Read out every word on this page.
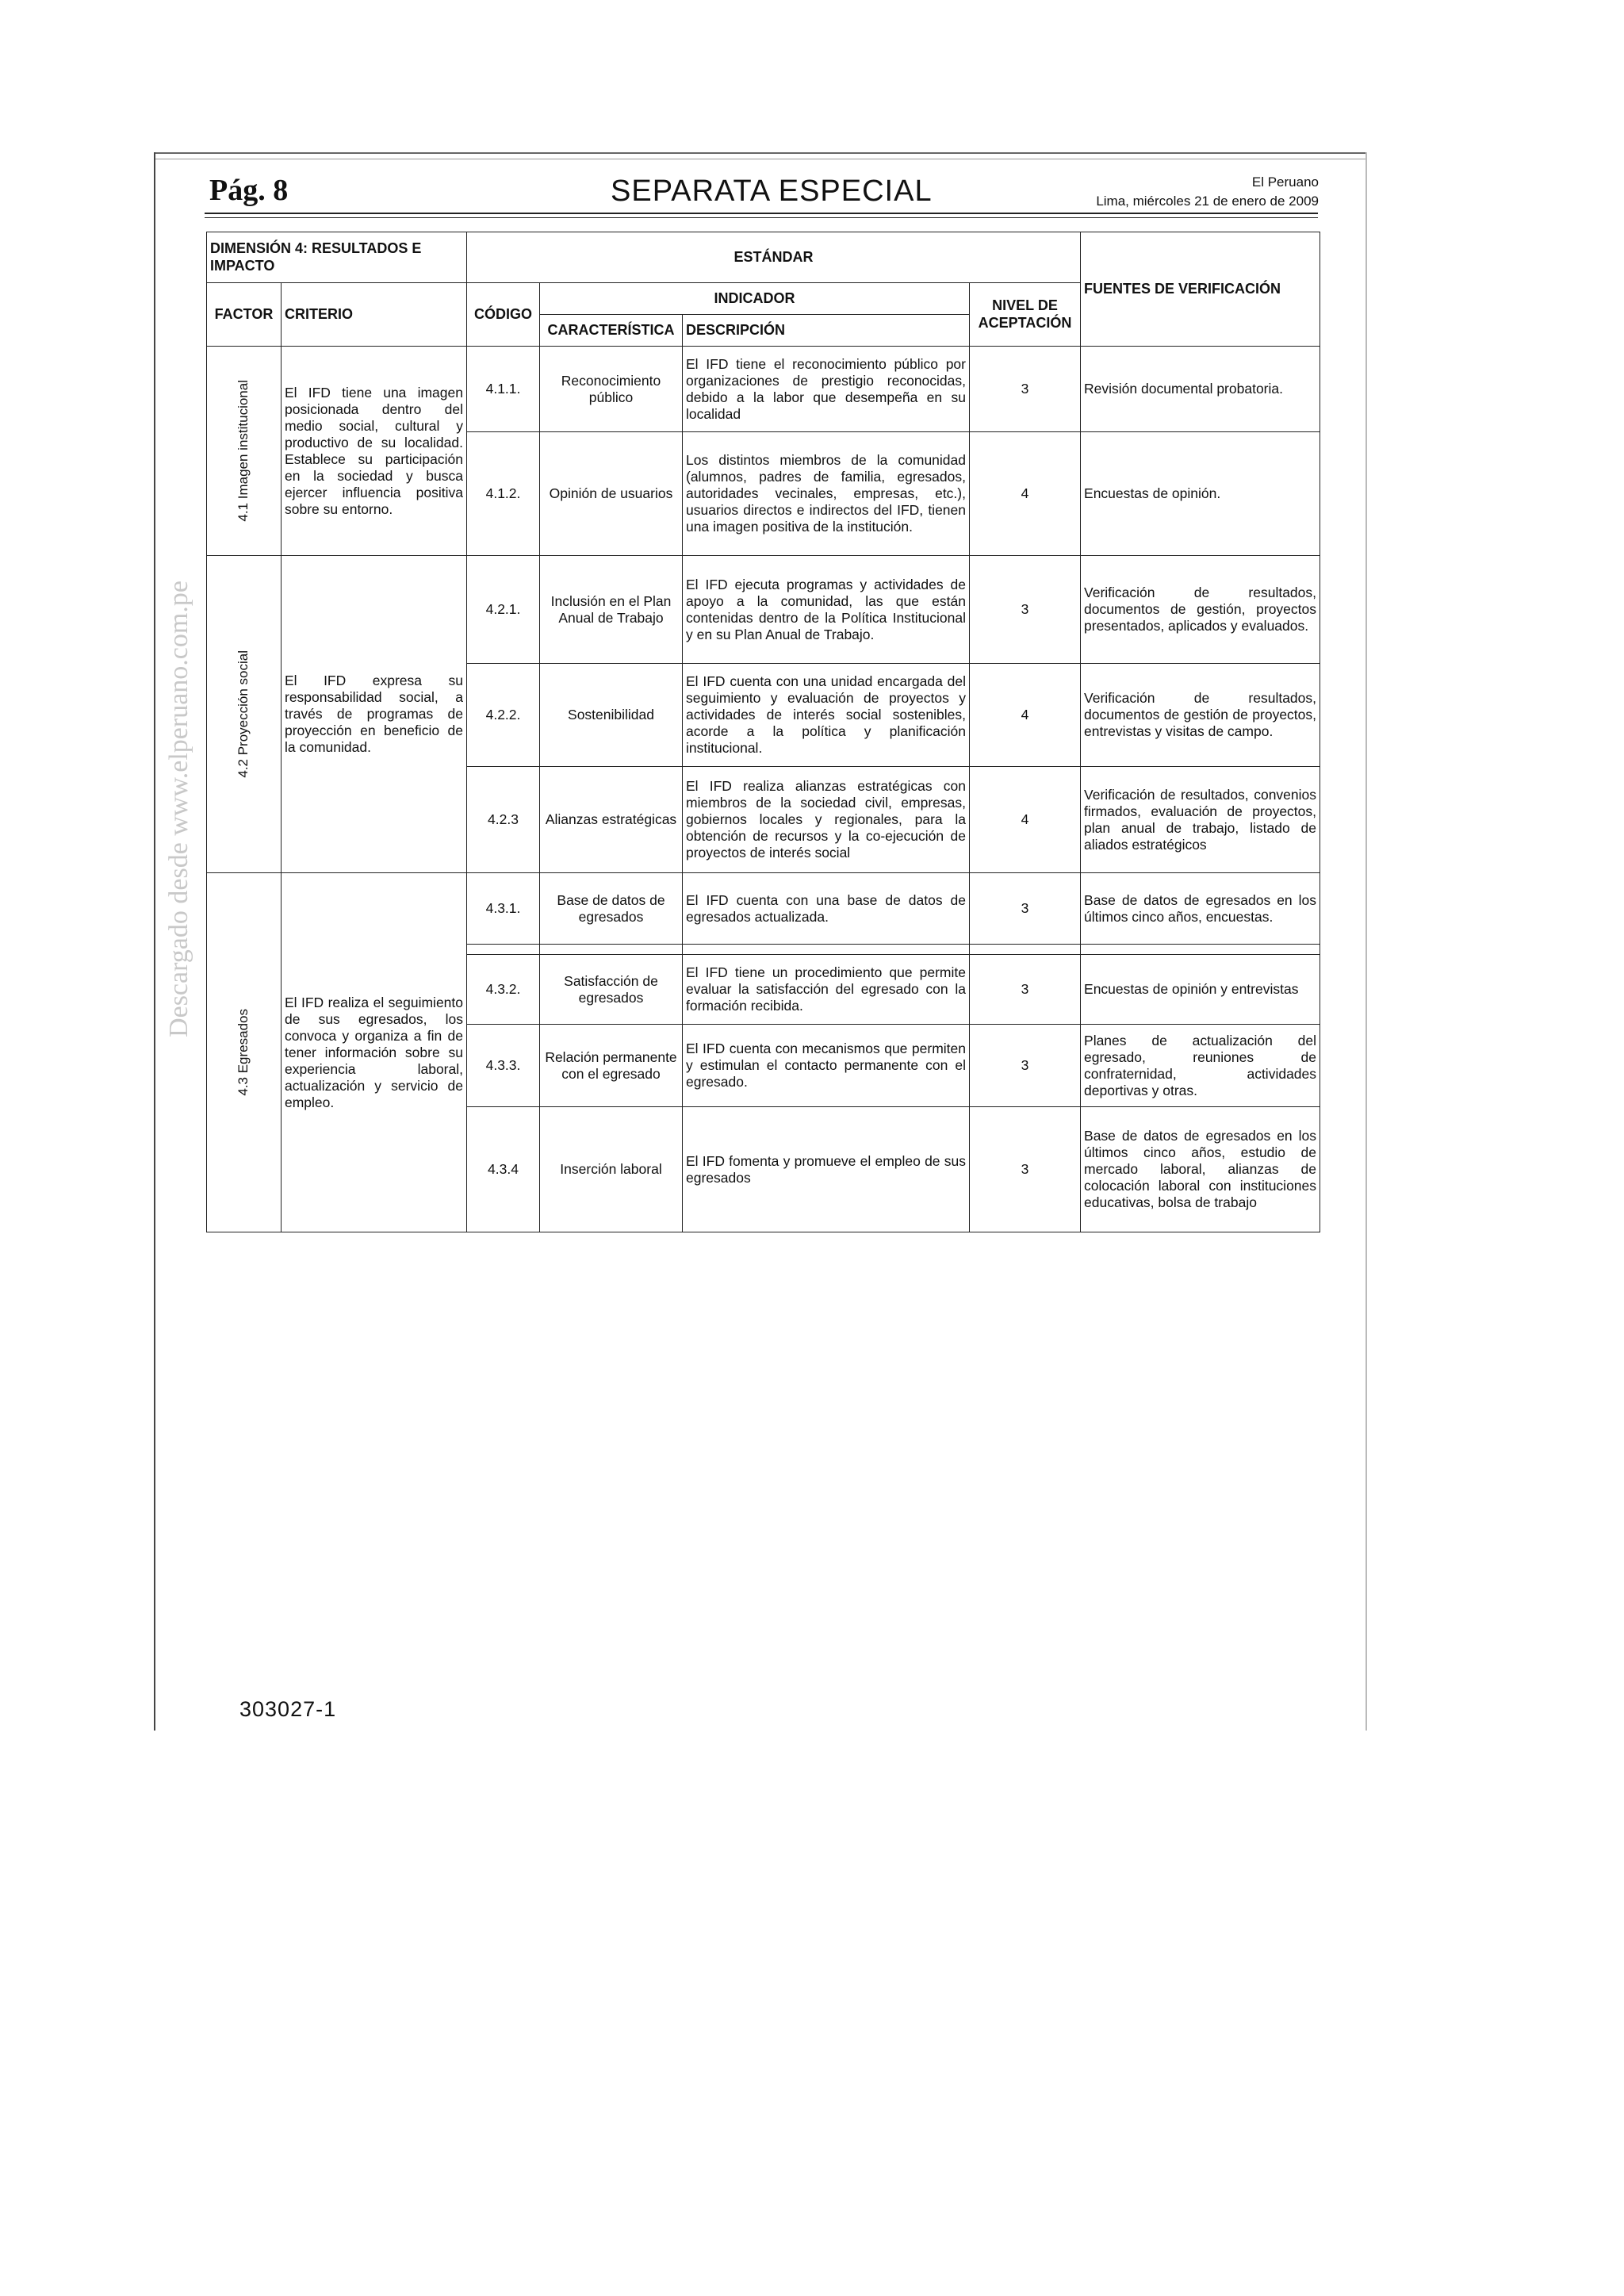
Pág. 8	SEPARATA ESPECIAL	El Peruano
Lima, miércoles 21 de enero de 2009
Descargado desde www.elperuano.com.pe
DIMENSIÓN 4: RESULTADOS E IMPACTO		ESTÁNDAR				FUENTES DE VERIFICACIÓN
FACTOR	CRITERIO	CÓDIGO	INDICADOR		NIVEL DE ACEPTACIÓN	
			CARACTERÍSTICA	DESCRIPCIÓN		

4.1 Imagen institucional	El IFD tiene una imagen posicionada dentro del medio social, cultural y productivo de su localidad. Establece su participación en la sociedad y busca ejercer influencia positiva sobre su entorno.	4.1.1.	Reconocimiento público	El IFD tiene el reconocimiento público por organizaciones de prestigio reconocidas, debido a la labor que desempeña en su localidad	3	Revisión documental probatoria.
		4.1.2.	Opinión de usuarios	Los distintos miembros de la comunidad (alumnos, padres de familia, egresados, autoridades vecinales, empresas, etc.), usuarios directos e indirectos del IFD, tienen una imagen positiva de la institución.	4	Encuestas de opinión.

4.2 Proyección social	El IFD expresa su responsabilidad social, a través de programas de proyección en beneficio de la comunidad.	4.2.1.	Inclusión en el Plan Anual de Trabajo	El IFD ejecuta programas y actividades de apoyo a la comunidad, las que están contenidas dentro de la Política Institucional y en su Plan Anual de Trabajo.	3	Verificación de resultados, documentos de gestión, proyectos presentados, aplicados y evaluados.
		4.2.2.	Sostenibilidad	El IFD cuenta con una unidad encargada del seguimiento y evaluación de proyectos y actividades de interés social sostenibles, acorde a la política y planificación institucional.	4	Verificación de resultados, documentos de gestión de proyectos, entrevistas y visitas de campo.
		4.2.3	Alianzas estratégicas	El IFD realiza alianzas estratégicas con miembros de la sociedad civil, empresas, gobiernos locales y regionales, para la obtención de recursos y la co-ejecución de proyectos de interés social	4	Verificación de resultados, convenios firmados, evaluación de proyectos, plan anual de trabajo, listado de aliados estratégicos

4.3 Egresados	El IFD realiza el seguimiento de sus egresados, los convoca y organiza a fin de tener información sobre su experiencia laboral, actualización y servicio de empleo.	4.3.1.	Base de datos de egresados	El IFD cuenta con una base de datos de egresados actualizada.	3	Base de datos de egresados en los últimos cinco años, encuestas.

		4.3.2.	Satisfacción de egresados	El IFD tiene un procedimiento que permite evaluar la satisfacción del egresado con la formación recibida.	3	Encuestas de opinión y entrevistas
		4.3.3.	Relación permanente con el egresado	El IFD cuenta con mecanismos que permiten y estimulan el contacto permanente con el egresado.	3	Planes de actualización del egresado, reuniones de confraternidad, actividades deportivas y otras.
		4.3.4	Inserción laboral	El IFD fomenta y promueve el empleo de sus egresados	3	Base de datos de egresados en los últimos cinco años, estudio de mercado laboral, alianzas de colocación laboral con instituciones educativas, bolsa de trabajo
303027-1
